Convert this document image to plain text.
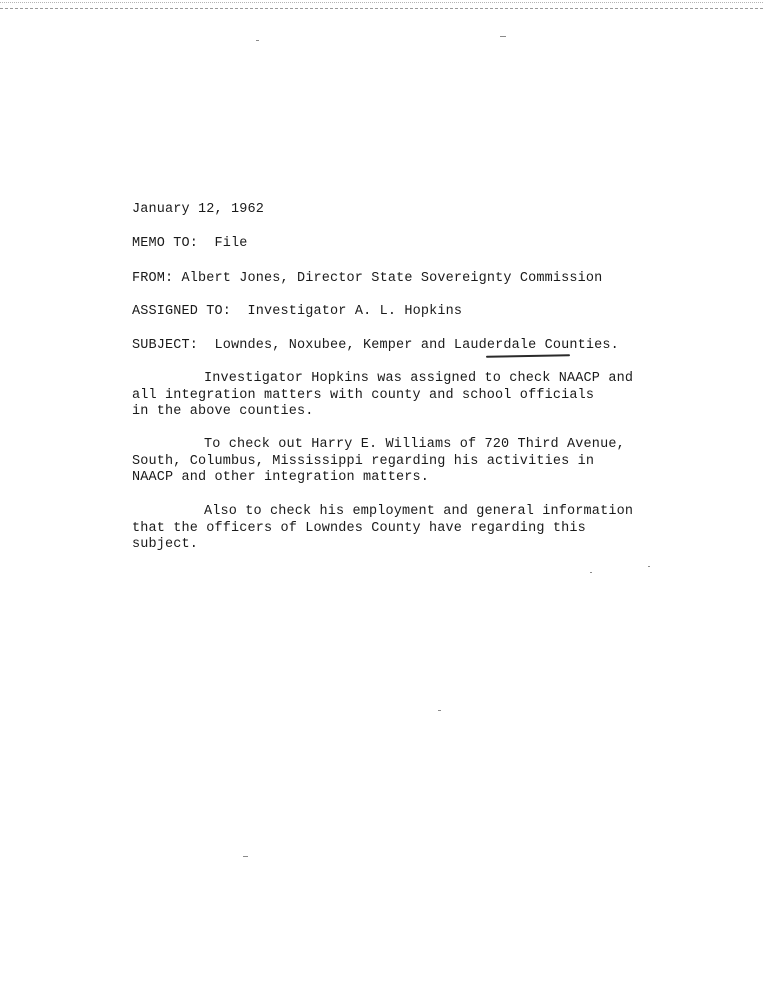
January 12, 1962
MEMO TO: File
FROM: Albert Jones, Director State Sovereignty Commission
ASSIGNED TO: Investigator A. L. Hopkins
SUBJECT: Lowndes, Noxubee, Kemper and Lauderdale Counties.
Investigator Hopkins was assigned to check NAACP and
all integration matters with county and school officials
in the above counties.
To check out Harry E. Williams of 720 Third Avenue,
South, Columbus, Mississippi regarding his activities in
NAACP and other integration matters.
Also to check his employment and general information
that the officers of Lowndes County have regarding this
subject.
